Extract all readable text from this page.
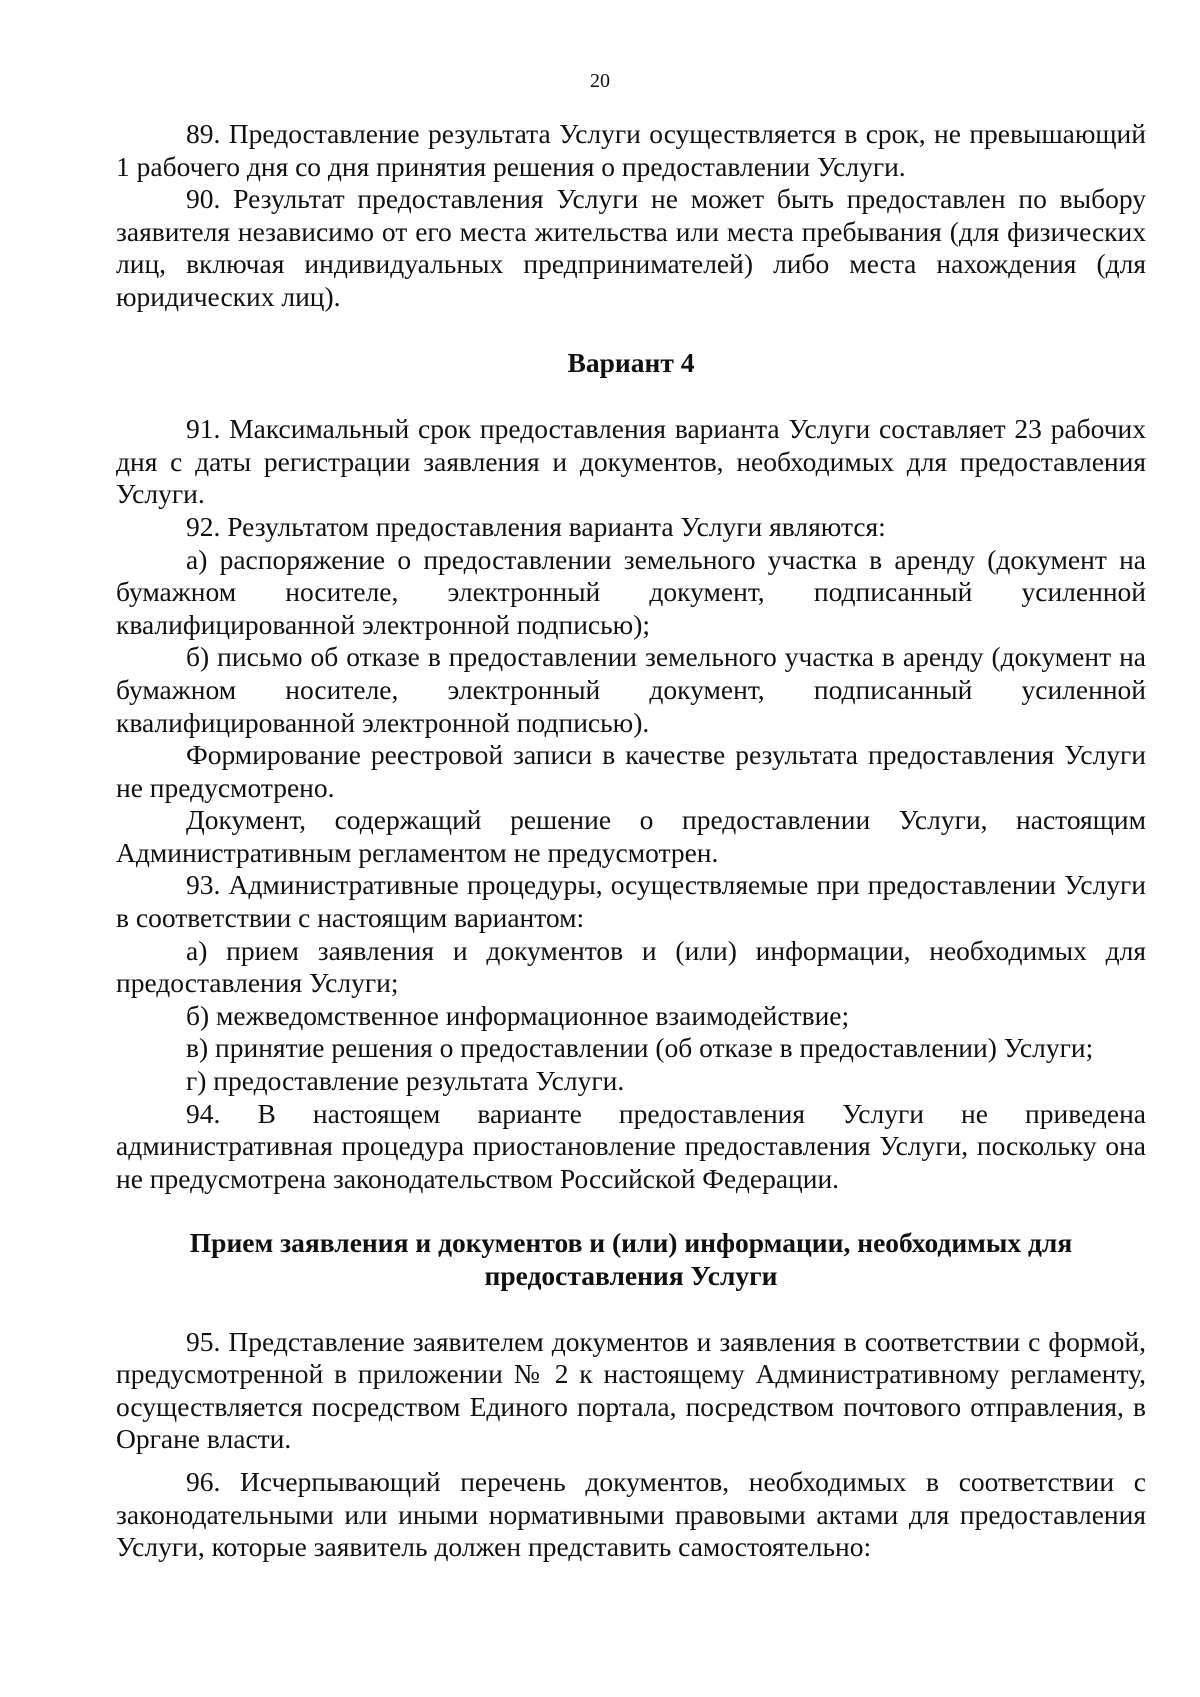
20

89. Предоставление результата Услуги осуществляется в срок, не превышающий 1 рабочего дня со дня принятия решения о предоставлении Услуги.

90. Результат предоставления Услуги не может быть предоставлен по выбору заявителя независимо от его места жительства или места пребывания (для физических лиц, включая индивидуальных предпринимателей) либо места нахождения (для юридических лиц).

Вариант 4

91. Максимальный срок предоставления варианта Услуги составляет 23 рабочих дня с даты регистрации заявления и документов, необходимых для предоставления Услуги.

92. Результатом предоставления варианта Услуги являются:

а) распоряжение о предоставлении земельного участка в аренду (документ на бумажном носителе, электронный документ, подписанный усиленной квалифицированной электронной подписью);

б) письмо об отказе в предоставлении земельного участка в аренду (документ на бумажном носителе, электронный документ, подписанный усиленной квалифицированной электронной подписью).

Формирование реестровой записи в качестве результата предоставления Услуги не предусмотрено.

Документ, содержащий решение о предоставлении Услуги, настоящим Административным регламентом не предусмотрен.

93. Административные процедуры, осуществляемые при предоставлении Услуги в соответствии с настоящим вариантом:

а) прием заявления и документов и (или) информации, необходимых для предоставления Услуги;

б) межведомственное информационное взаимодействие;

в) принятие решения о предоставлении (об отказе в предоставлении) Услуги;

г) предоставление результата Услуги.

94. В настоящем варианте предоставления Услуги не приведена административная процедура приостановление предоставления Услуги, поскольку она не предусмотрена законодательством Российской Федерации.

Прием заявления и документов и (или) информации, необходимых для
предоставления Услуги

95. Представление заявителем документов и заявления в соответствии с формой, предусмотренной в приложении № 2 к настоящему Административному регламенту, осуществляется посредством Единого портала, посредством почтового отправления, в Органе власти.

96. Исчерпывающий перечень документов, необходимых в соответствии с законодательными или иными нормативными правовыми актами для предоставления Услуги, которые заявитель должен представить самостоятельно:
